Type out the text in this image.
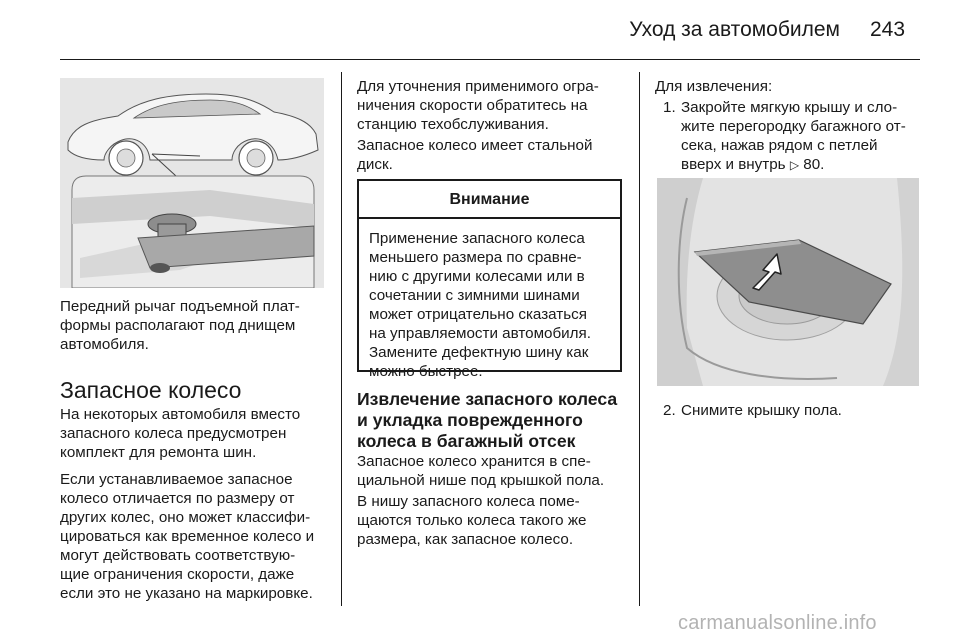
Уход за автомобилем 243
Передний рычаг подъемной плат-
формы располагают под днищем
автомобиля.
Запасное колесо
На некоторых автомобиля вместо
запасного колеса предусмотрен
комплект для ремонта шин.
Если устанавливаемое запасное
колесо отличается по размеру от
других колес, оно может классифи-
цироваться как временное колесо и
могут действовать соответствую-
щие ограничения скорости, даже
если это не указано на маркировке.
Для уточнения применимого огра-
ничения скорости обратитесь на
станцию техобслуживания.
Запасное колесо имеет стальной
диск.
Внимание
Применение запасного колеса
меньшего размера по сравне-
нию с другими колесами или в
сочетании с зимними шинами
может отрицательно сказаться
на управляемости автомобиля.
Замените дефектную шину как
можно быстрее.
Извлечение запасного колеса
и укладка поврежденного
колеса в багажный отсек
Запасное колесо хранится в спе-
циальной нише под крышкой пола.
В нишу запасного колеса поме-
щаются только колеса такого же
размера, как запасное колесо.
Для извлечения:
1. Закройте мягкую крышу и сло-
жите перегородку багажного от-
сека, нажав рядом с петлей
вверх и внутрь ▷ 80.
2. Снимите крышку пола.
carmanualsonline.info
